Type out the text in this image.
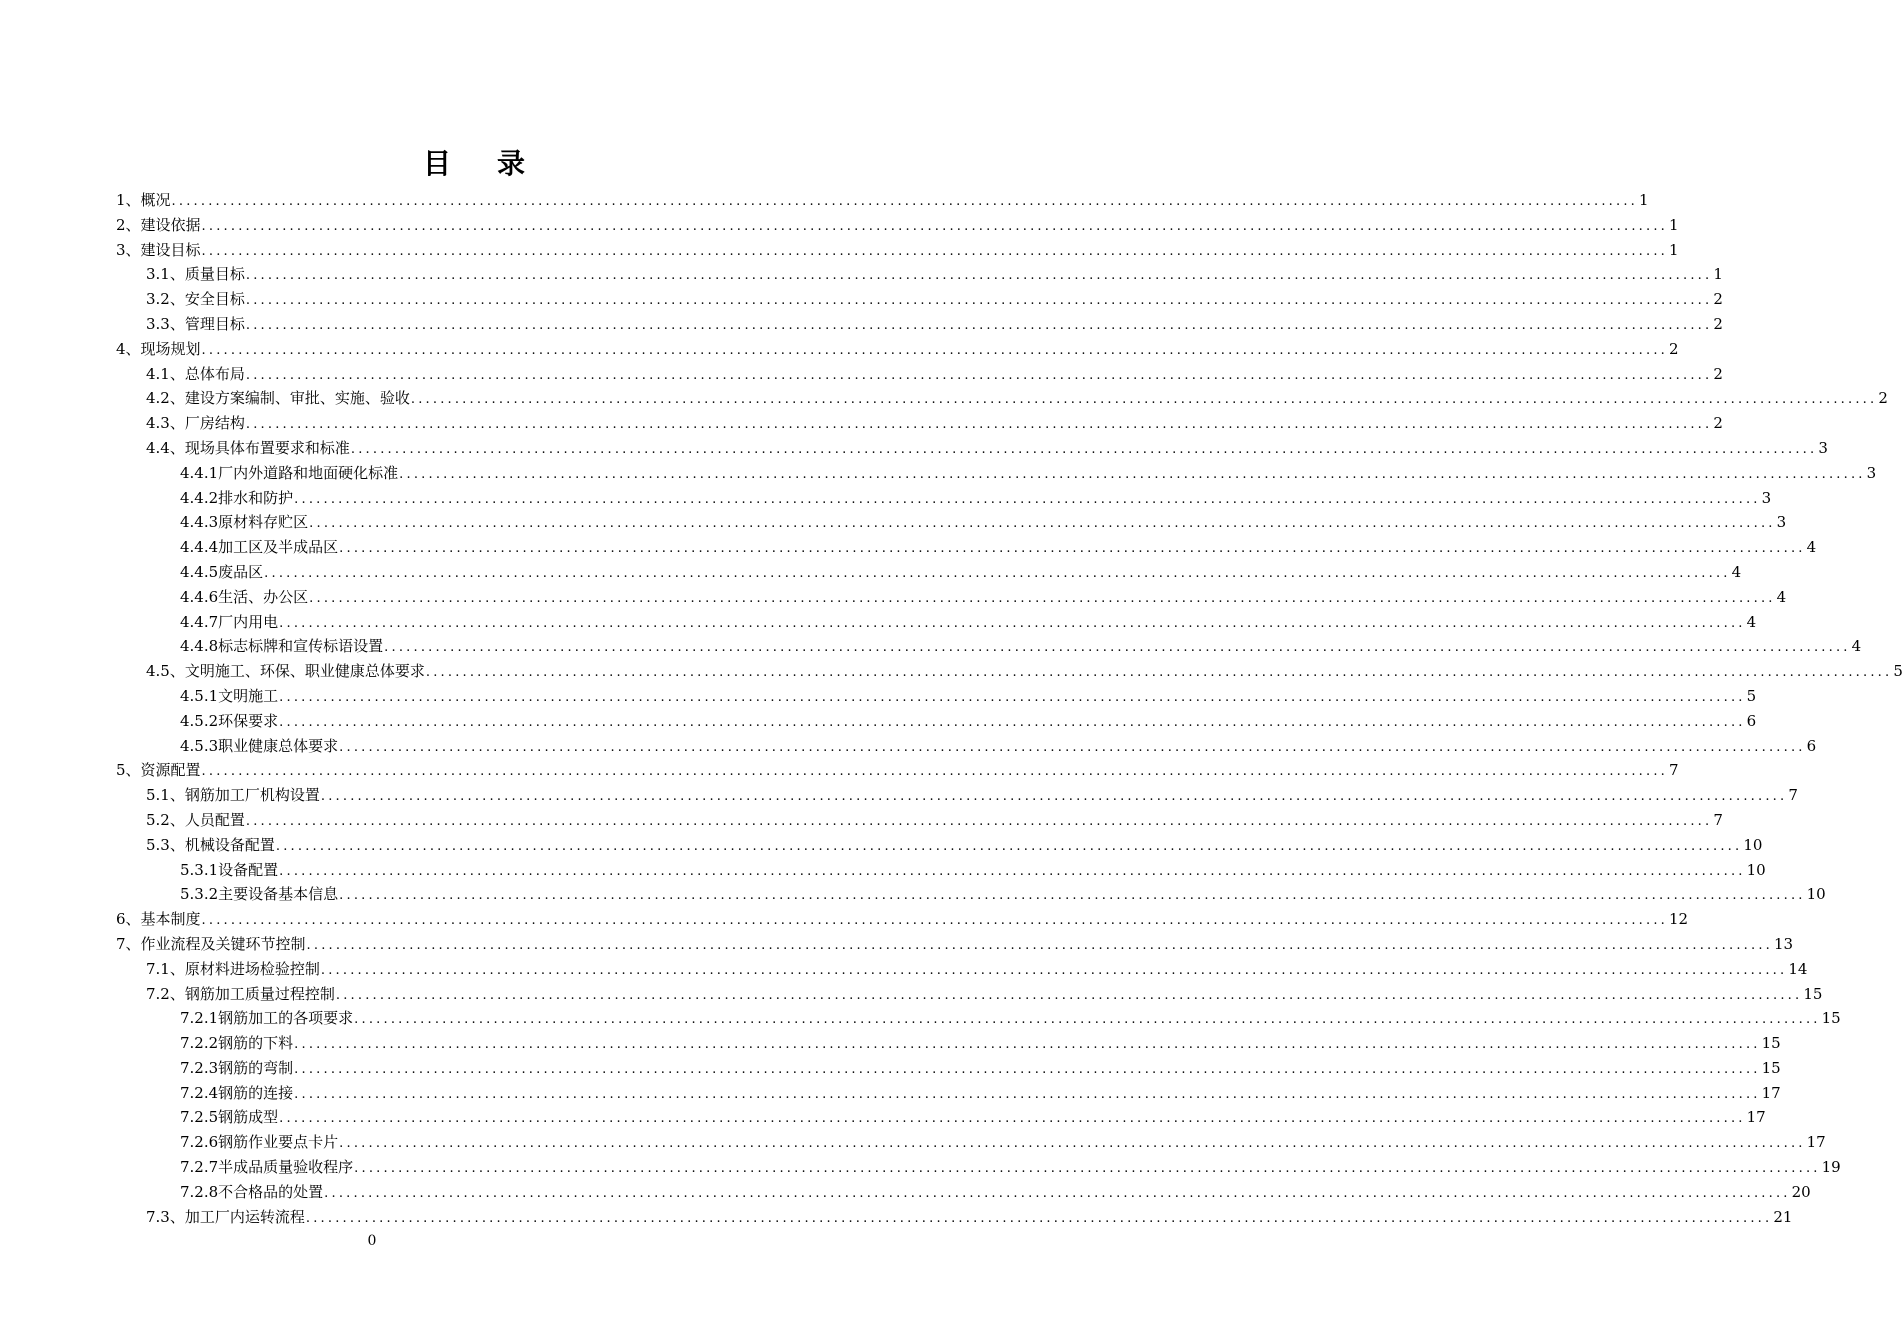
目 录
1、概况 ........................................................................................................................................................................................................ 1
2、建设依据 ........................................................................................................................................................................................................ 1
3、建设目标 ........................................................................................................................................................................................................ 1
3.1、质量目标 ........................................................................................................................................................................................................ 1
3.2、安全目标 ........................................................................................................................................................................................................ 2
3.3、管理目标 ........................................................................................................................................................................................................ 2
4、现场规划 ........................................................................................................................................................................................................ 2
4.1、总体布局 ........................................................................................................................................................................................................ 2
4.2、建设方案编制、审批、实施、验收 ........................................................................................................................................................................................................ 2
4.3、厂房结构 ........................................................................................................................................................................................................ 2
4.4、现场具体布置要求和标准 ........................................................................................................................................................................................................ 3
4.4.1厂内外道路和地面硬化标准 ........................................................................................................................................................................................................ 3
4.4.2排水和防护 ........................................................................................................................................................................................................ 3
4.4.3原材料存贮区 ........................................................................................................................................................................................................ 3
4.4.4加工区及半成品区 ........................................................................................................................................................................................................ 4
4.4.5废品区 ........................................................................................................................................................................................................ 4
4.4.6生活、办公区 ........................................................................................................................................................................................................ 4
4.4.7厂内用电 ........................................................................................................................................................................................................ 4
4.4.8标志标牌和宣传标语设置 ........................................................................................................................................................................................................ 4
4.5、文明施工、环保、职业健康总体要求 ........................................................................................................................................................................................................ 5
4.5.1文明施工 ........................................................................................................................................................................................................ 5
4.5.2环保要求 ........................................................................................................................................................................................................ 6
4.5.3职业健康总体要求 ........................................................................................................................................................................................................ 6
5、资源配置 ........................................................................................................................................................................................................ 7
5.1、钢筋加工厂机构设置 ........................................................................................................................................................................................................ 7
5.2、人员配置 ........................................................................................................................................................................................................ 7
5.3、机械设备配置 ........................................................................................................................................................................................................ 10
5.3.1设备配置 ........................................................................................................................................................................................................ 10
5.3.2主要设备基本信息 ........................................................................................................................................................................................................ 10
6、基本制度 ........................................................................................................................................................................................................ 12
7、作业流程及关键环节控制 ........................................................................................................................................................................................................ 13
7.1、原材料进场检验控制 ........................................................................................................................................................................................................ 14
7.2、钢筋加工质量过程控制 ........................................................................................................................................................................................................ 15
7.2.1钢筋加工的各项要求 ........................................................................................................................................................................................................ 15
7.2.2钢筋的下料 ........................................................................................................................................................................................................ 15
7.2.3钢筋的弯制 ........................................................................................................................................................................................................ 15
7.2.4钢筋的连接 ........................................................................................................................................................................................................ 17
7.2.5钢筋成型 ........................................................................................................................................................................................................ 17
7.2.6钢筋作业要点卡片 ........................................................................................................................................................................................................ 17
7.2.7半成品质量验收程序 ........................................................................................................................................................................................................ 19
7.2.8不合格品的处置 ........................................................................................................................................................................................................ 20
7.3、加工厂内运转流程 ........................................................................................................................................................................................................ 21
0
